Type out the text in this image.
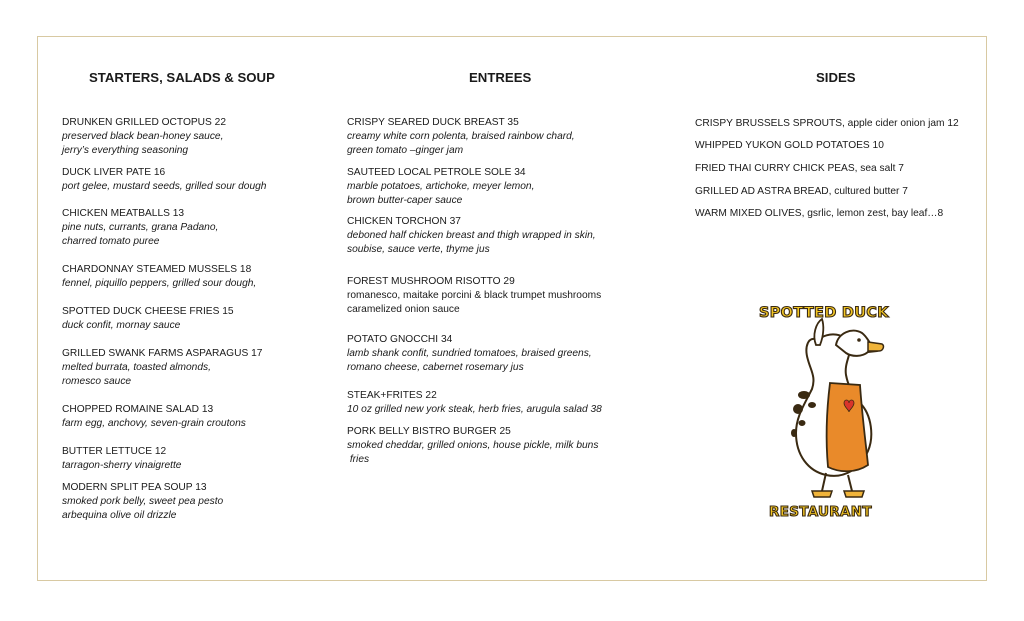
STARTERS, SALADS & SOUP
DRUNKEN GRILLED OCTOPUS 22
preserved black bean-honey sauce,
jerry’s everything seasoning
DUCK LIVER PATE 16
port gelee, mustard seeds, grilled sour dough
CHICKEN MEATBALLS 13
pine nuts, currants, grana Padano,
charred tomato puree
CHARDONNAY STEAMED MUSSELS 18
fennel, piquillo peppers, grilled sour dough,
SPOTTED DUCK CHEESE FRIES 15
duck confit, mornay sauce
GRILLED SWANK FARMS ASPARAGUS 17
melted burrata, toasted almonds,
romesco sauce
CHOPPED ROMAINE SALAD 13
farm egg, anchovy, seven-grain croutons
BUTTER LETTUCE 12
tarragon-sherry vinaigrette
MODERN SPLIT PEA SOUP 13
smoked pork belly, sweet pea pesto
arbequina olive oil drizzle
ENTREES
CRISPY SEARED DUCK BREAST 35
creamy white corn polenta, braised rainbow chard,
green tomato –ginger jam
SAUTEED LOCAL PETROLE SOLE 34
marble potatoes, artichoke, meyer lemon,
brown butter-caper sauce
CHICKEN TORCHON 37
deboned half chicken breast and thigh wrapped in skin,
soubise, sauce verte, thyme jus
FOREST MUSHROOM RISOTTO 29
romanesco, maitake porcini & black trumpet mushrooms
caramelized onion sauce
POTATO GNOCCHI 34
lamb shank confit, sundried tomatoes, braised greens,
romano cheese, cabernet rosemary jus
STEAK+FRITES 22
10 oz grilled new york steak, herb fries, arugula salad 38
PORK BELLY BISTRO BURGER 25
smoked cheddar, grilled onions, house pickle, milk buns
fries
SIDES
CRISPY BRUSSELS SPROUTS, apple cider onion jam 12
WHIPPED YUKON GOLD POTATOES 10
FRIED THAI CURRY CHICK PEAS, sea salt 7
GRILLED AD ASTRA BREAD, cultured butter 7
WARM MIXED OLIVES, gsrlic, lemon zest, bay leaf…8
SPOTTED DUCK
RESTAURANT
